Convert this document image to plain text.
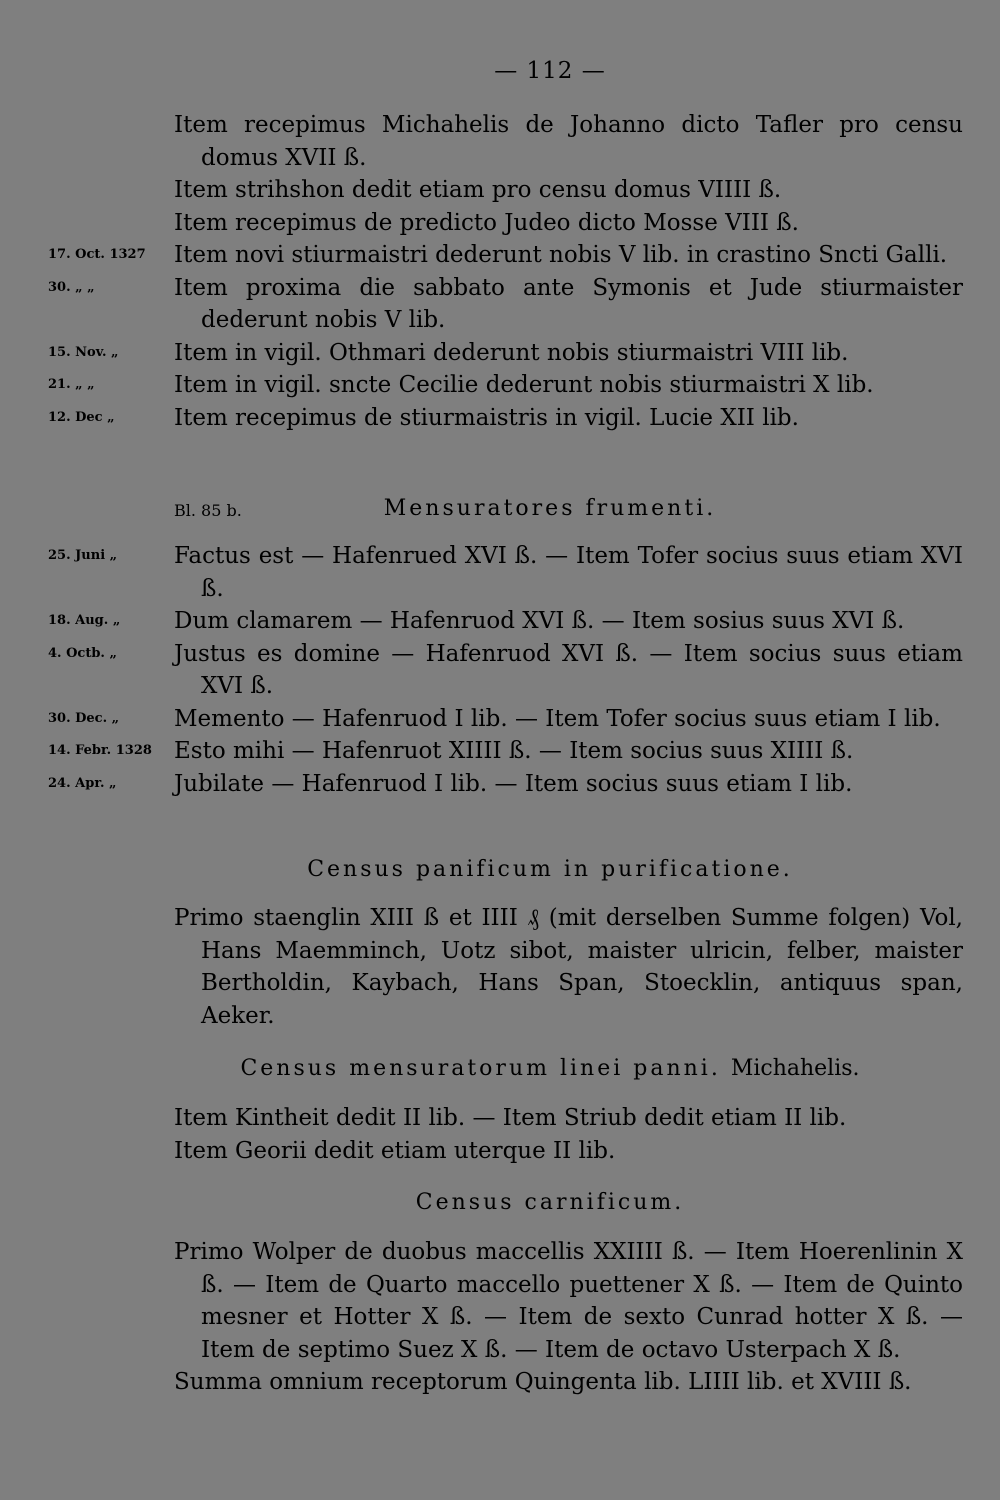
— 112 —
Item recepimus Michahelis de Johanno dicto Tafler pro censu domus XVII ß.
Item strihshon dedit etiam pro censu domus VIIII ß.
Item recepimus de predicto Judeo dicto Mosse VIII ß.
17. Oct. 1327 Item novi stiurmaistri dederunt nobis V lib. in crastino Sncti Galli.
30. „ „	Item proxima die sabbato ante Symonis et Jude stiurmaister dederunt nobis V lib.
15. Nov. „ Item in vigil. Othmari dederunt nobis stiurmaistri VIII lib.
21. „ „	Item in vigil. sncte Cecilie dederunt nobis stiurmaistri X lib.
12. Dec „	Item recepimus de stiurmaistris in vigil. Lucie XII lib.
Bl. 85 b.	Mensuratores frumenti.
25. Juni „ Factus est — Hafenrued XVI ß. — Item Tofer socius suus etiam XVI ß.
18. Aug. „ Dum clamarem — Hafenruod XVI ß. — Item sosius suus XVI ß.
4. Octb. „ Justus es domine — Hafenruod XVI ß. — Item socius suus etiam XVI ß.
30. Dec. „ Memento — Hafenruod I lib. — Item Tofer socius suus etiam I lib.
14. Febr. 1328 Esto mihi — Hafenruot XIIII ß. — Item socius suus XIIII ß.
24. Apr. „ Jubilate — Hafenruod I lib. — Item socius suus etiam I lib.
Census panificum in purificatione.
Primo staenglin XIII ß et IIII ₰ (mit derselben Summe folgen) Vol, Hans Maemminch, Uotz sibot, maister ulricin, felber, maister Bertholdin, Kaybach, Hans Span, Stoecklin, antiquus span, Aeker.
Census mensuratorum linei panni. Michahelis.
Item Kintheit dedit II lib. — Item Striub dedit etiam II lib.
Item Georii dedit etiam uterque II lib.
Census carnificum.
Primo Wolper de duobus maccellis XXIIII ß. — Item Hoerenlinin X ß. — Item de Quarto maccello puettener X ß. — Item de Quinto mesner et Hotter X ß. — Item de sexto Cunrad hotter X ß. — Item de septimo Suez X ß. — Item de octavo Usterpach X ß.
Summa omnium receptorum Quingenta lib. LIIII lib. et XVIII ß.
